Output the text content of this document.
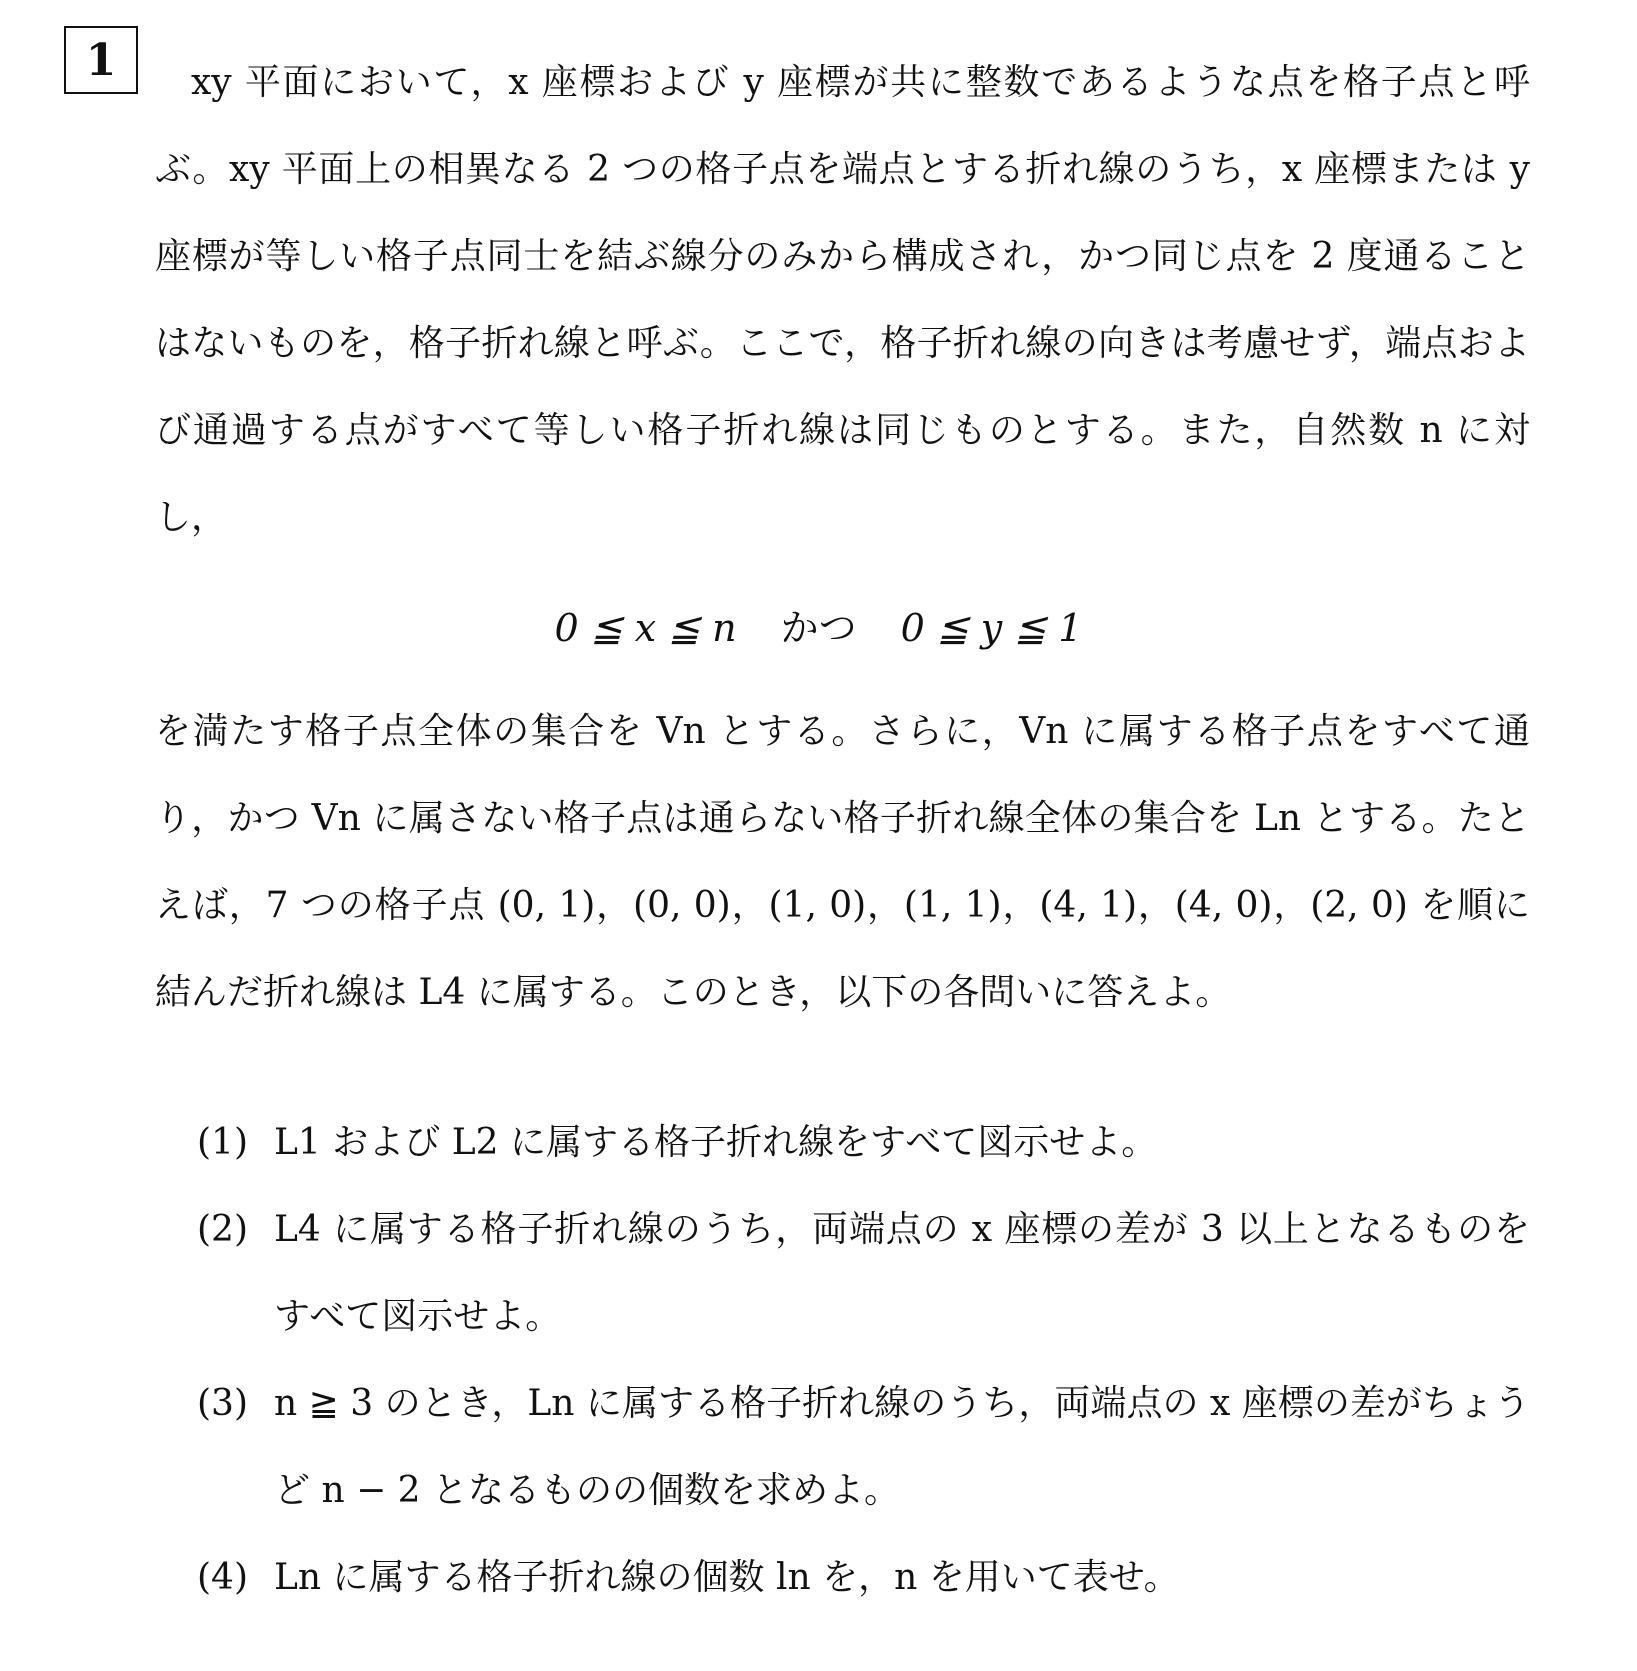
1	xy 平面において，x 座標および y 座標が共に整数であるような点を格子点と呼ぶ。xy 平面上の相異なる 2 つの格子点を端点とする折れ線のうち，x 座標または y 座標が等しい格子点同士を結ぶ線分のみから構成され，かつ同じ点を 2 度通ることはないものを，格子折れ線と呼ぶ。ここで，格子折れ線の向きは考慮せず，端点および通過する点がすべて等しい格子折れ線は同じものとする。また，自然数 n に対し，
0 ≦ x ≦ n かつ 0 ≦ y ≦ 1
を満たす格子点全体の集合を Vn とする。さらに，Vn に属する格子点をすべて通り，かつ Vn に属さない格子点は通らない格子折れ線全体の集合を Ln とする。たとえば，7 つの格子点 (0, 1)，(0, 0)，(1, 0)，(1, 1)，(4, 1)，(4, 0)，(2, 0) を順に結んだ折れ線は L4 に属する。このとき，以下の各問いに答えよ。
(1) L1 および L2 に属する格子折れ線をすべて図示せよ。
(2) L4 に属する格子折れ線のうち，両端点の x 座標の差が 3 以上となるものをすべて図示せよ。
(3) n ≧ 3 のとき，Ln に属する格子折れ線のうち，両端点の x 座標の差がちょうど n − 2 となるものの個数を求めよ。
(4) Ln に属する格子折れ線の個数 ln を，n を用いて表せ。
